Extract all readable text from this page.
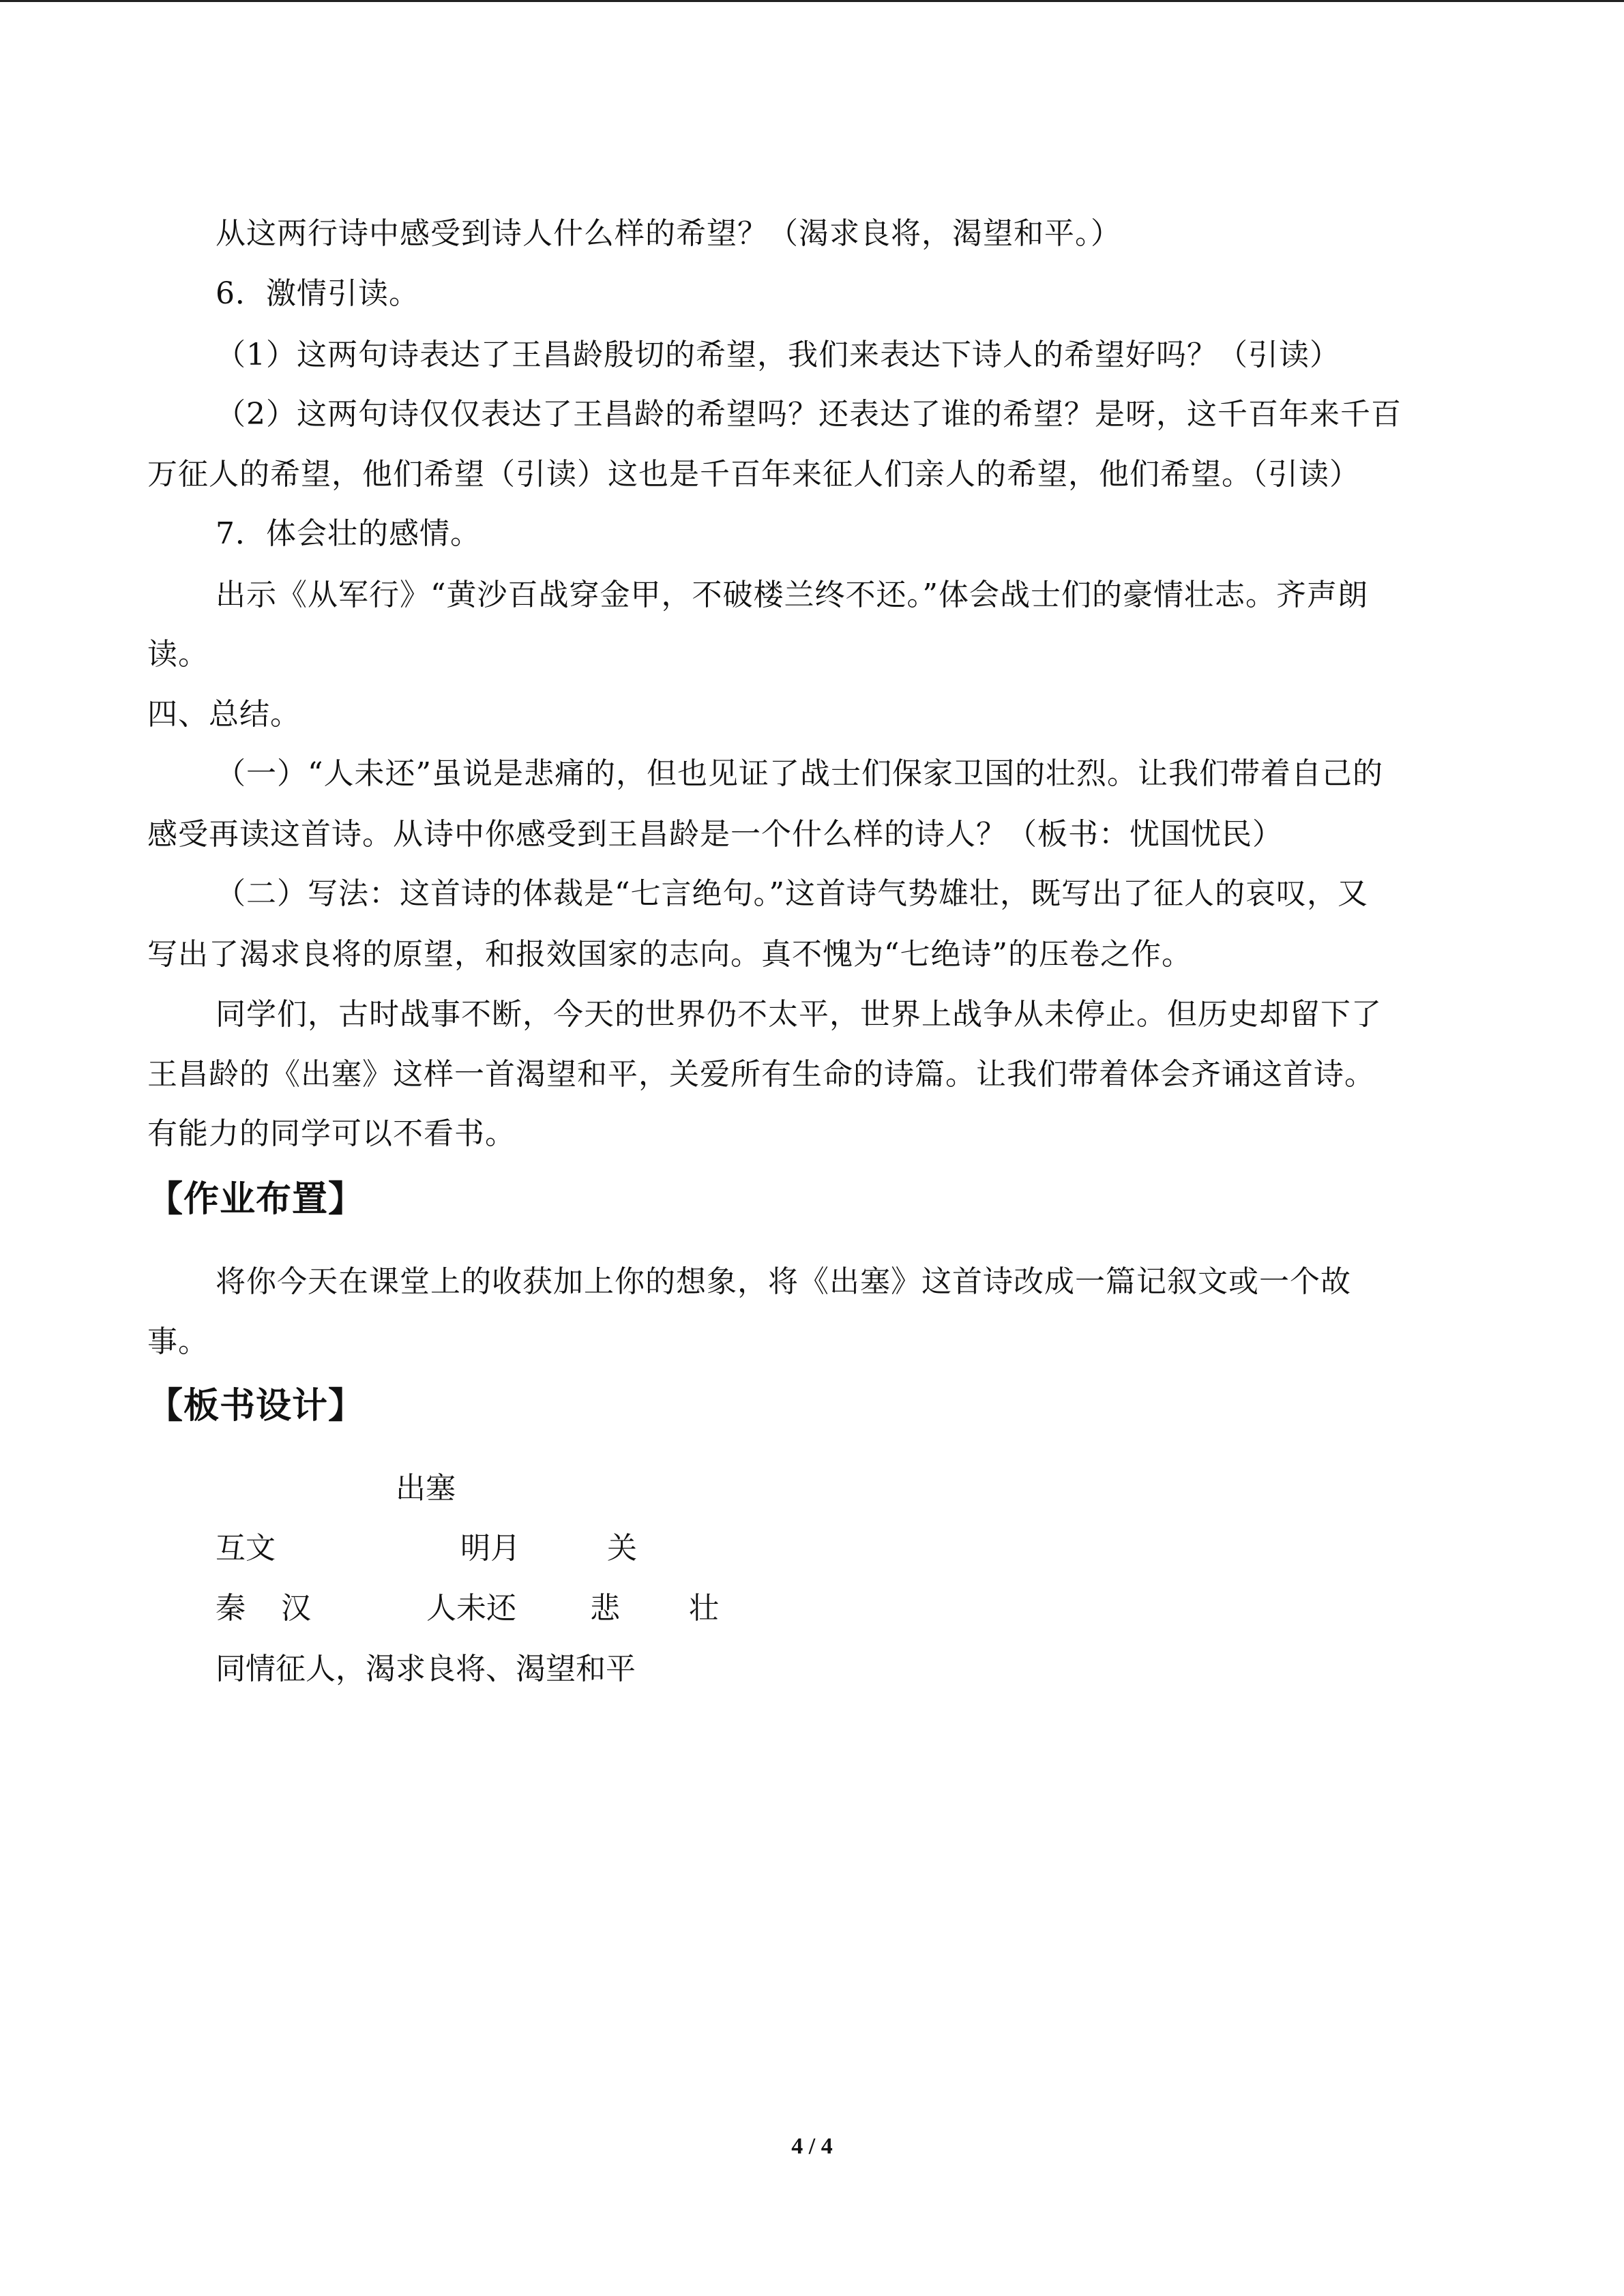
从这两行诗中感受到诗人什么样的希望？（渴求良将，渴望和平。）
6．激情引读。
（1）这两句诗表达了王昌龄殷切的希望，我们来表达下诗人的希望好吗？（引读）
（2）这两句诗仅仅表达了王昌龄的希望吗？还表达了谁的希望？是呀，这千百年来千百
万征人的希望，他们希望（引读）这也是千百年来征人们亲人的希望，他们希望。（引读）
7．体会壮的感情。
出示《从军行》“黄沙百战穿金甲，不破楼兰终不还。”体会战士们的豪情壮志。齐声朗
读。
四、总结。
（一）“人未还”虽说是悲痛的，但也见证了战士们保家卫国的壮烈。让我们带着自己的
感受再读这首诗。从诗中你感受到王昌龄是一个什么样的诗人？（板书：忧国忧民）
（二）写法：这首诗的体裁是“七言绝句。”这首诗气势雄壮，既写出了征人的哀叹，又
写出了渴求良将的原望，和报效国家的志向。真不愧为“七绝诗”的压卷之作。
同学们，古时战事不断，今天的世界仍不太平，世界上战争从未停止。但历史却留下了
王昌龄的《出塞》这样一首渴望和平，关爱所有生命的诗篇。让我们带着体会齐诵这首诗。
有能力的同学可以不看书。
【作业布置】
将你今天在课堂上的收获加上你的想象，将《出塞》这首诗改成一篇记叙文或一个故
事。
【板书设计】
出塞
互文	明月	关
秦 汉	人未还 悲 壮
同情征人，渴求良将、渴望和平
4 / 4
